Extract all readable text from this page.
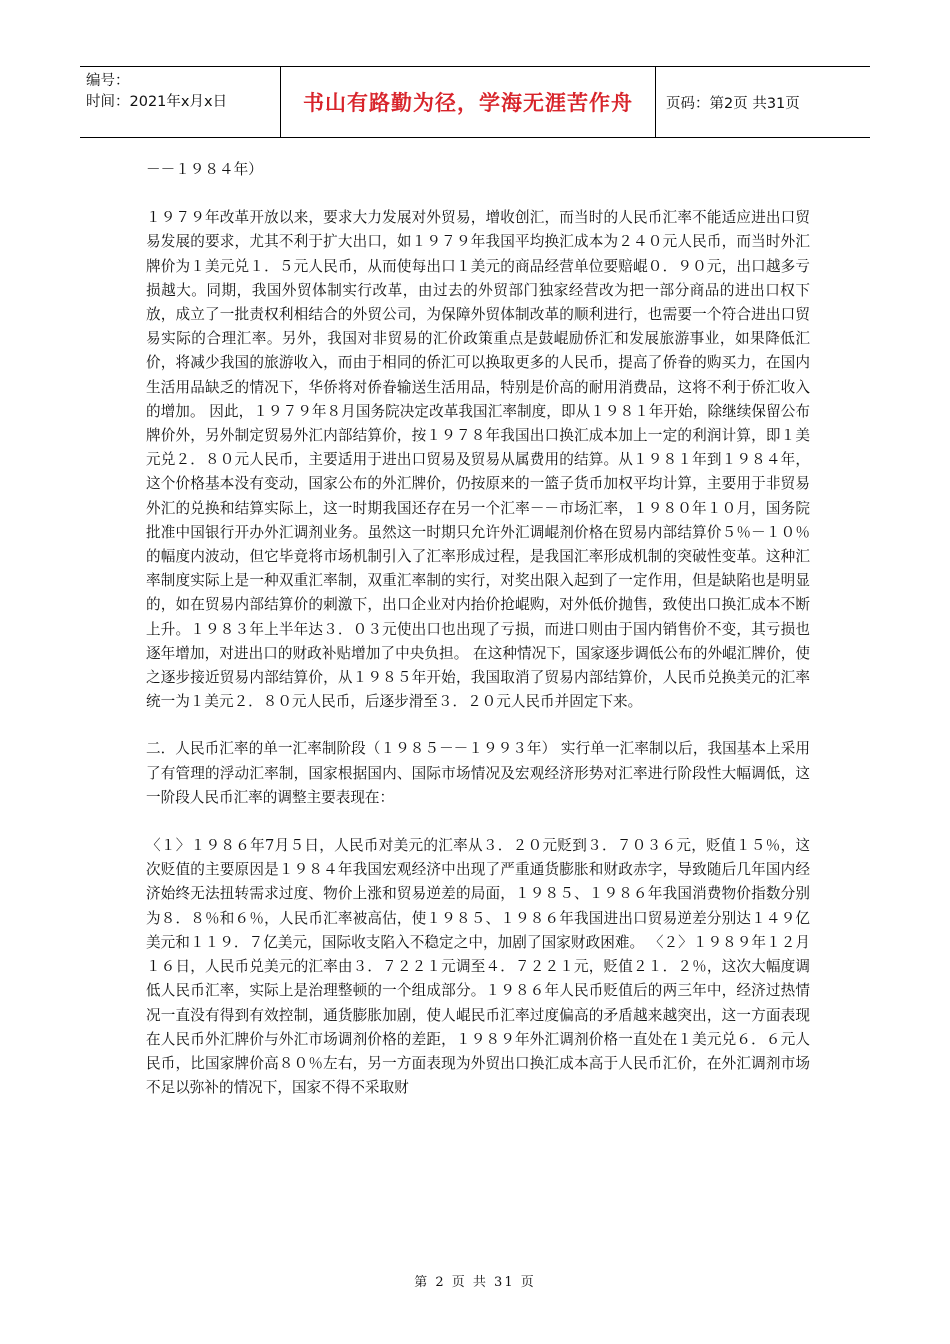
编号：
时间：2021年x月x日	书山有路勤为径，学海无涯苦作舟 页码：第2页 共31页

－－１９８４年）

１９７９年改革开放以来，要求大力发展对外贸易，增收创汇，而当时的人民币汇率不能适应进出口贸易发展的要求，尤其不利于扩大出口，如１９７９年我国平均换汇成本为２４０元人民币，而当时外汇牌价为１美元兑１．５元人民币，从而使每出口１美元的商品经营单位要赔崐０．９０元，出口越多亏损越大。同期，我国外贸体制实行改革，由过去的外贸部门独家经营改为把一部分商品的进出口权下放，成立了一批责权利相结合的外贸公司，为保障外贸体制改革的顺利进行，也需要一个符合进出口贸易实际的合理汇率。另外，我国对非贸易的汇价政策重点是鼓崐励侨汇和发展旅游事业，如果降低汇价，将减少我国的旅游收入，而由于相同的侨汇可以换取更多的人民币，提高了侨眷的购买力，在国内生活用品缺乏的情况下，华侨将对侨眷输送生活用品，特别是价高的耐用消费品，这将不利于侨汇收入的增加。 因此，１９７９年８月国务院决定改革我国汇率制度，即从１９８１年开始，除继续保留公布牌价外，另外制定贸易外汇内部结算价，按１９７８年我国出口换汇成本加上一定的利润计算，即１美元兑２．８０元人民币，主要适用于进出口贸易及贸易从属费用的结算。从１９８１年到１９８４年，这个价格基本没有变动，国家公布的外汇牌价，仍按原来的一篮子货币加权平均计算，主要用于非贸易外汇的兑换和结算实际上，这一时期我国还存在另一个汇率－－市场汇率，１９８０年１０月，国务院批准中国银行开办外汇调剂业务。虽然这一时期只允许外汇调崐剂价格在贸易内部结算价５％－１０％的幅度内波动，但它毕竟将市场机制引入了汇率形成过程，是我国汇率形成机制的突破性变革。这种汇率制度实际上是一种双重汇率制，双重汇率制的实行，对奖出限入起到了一定作用，但是缺陷也是明显的，如在贸易内部结算价的刺激下，出口企业对内抬价抢崐购，对外低价抛售，致使出口换汇成本不断上升。１９８３年上半年达３．０３元使出口也出现了亏损，而进口则由于国内销售价不变，其亏损也逐年增加，对进出口的财政补贴增加了中央负担。 在这种情况下，国家逐步调低公布的外崐汇牌价，使之逐步接近贸易内部结算价，从１９８５年开始，我国取消了贸易内部结算价，人民币兑换美元的汇率统一为１美元２．８０元人民币，后逐步滑至３．２０元人民币并固定下来。

二．人民币汇率的单一汇率制阶段（１９８５－－１９９３年） 实行单一汇率制以后，我国基本上采用了有管理的浮动汇率制，国家根据国内、国际市场情况及宏观经济形势对汇率进行阶段性大幅调低，这一阶段人民币汇率的调整主要表现在：

〈１〉１９８６年7月５日，人民币对美元的汇率从３．２０元贬到３．７０３６元，贬值１５％，这次贬值的主要原因是１９８４年我国宏观经济中出现了严重通货膨胀和财政赤字，导致随后几年国内经济始终无法扭转需求过度、物价上涨和贸易逆差的局面，１９８５、１９８６年我国消费物价指数分别为８．８％和６％，人民币汇率被高估，使１９８５、１９８６年我国进出口贸易逆差分别达１４９亿美元和１１９．７亿美元，国际收支陷入不稳定之中，加剧了国家财政困难。 〈２〉１９８９年１２月１６日，人民币兑美元的汇率由３．７２２１元调至４．７２２１元，贬值２１．２％，这次大幅度调低人民币汇率，实际上是治理整顿的一个组成部分。１９８６年人民币贬值后的两三年中，经济过热情况一直没有得到有效控制，通货膨胀加剧，使人崐民币汇率过度偏高的矛盾越来越突出，这一方面表现在人民币外汇牌价与外汇市场调剂价格的差距，１９８９年外汇调剂价格一直处在１美元兑６．６元人民币，比国家牌价高８０％左右，另一方面表现为外贸出口换汇成本高于人民币汇价，在外汇调剂市场不足以弥补的情况下，国家不得不采取财

第 2 页 共 31 页
